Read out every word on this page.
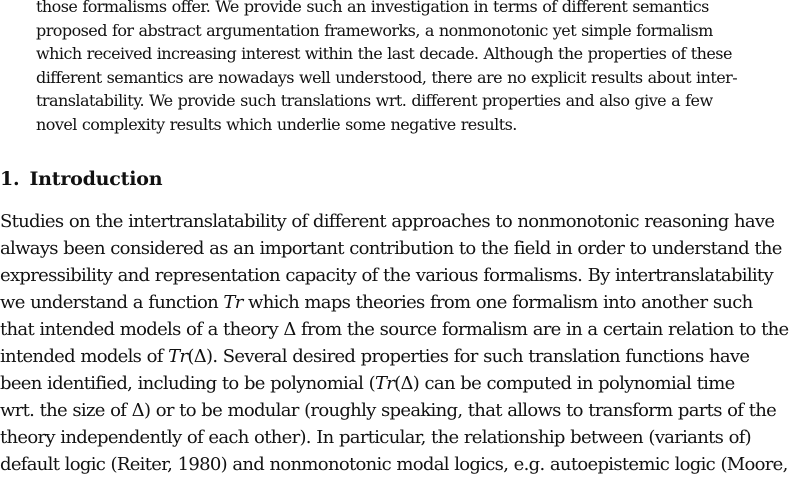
those formalisms offer. We provide such an investigation in terms of different semantics
proposed for abstract argumentation frameworks, a nonmonotonic yet simple formalism
which received increasing interest within the last decade. Although the properties of these
different semantics are nowadays well understood, there are no explicit results about inter-
translatability. We provide such translations wrt. different properties and also give a few
novel complexity results which underlie some negative results.
1. Introduction
Studies on the intertranslatability of different approaches to nonmonotonic reasoning have
always been considered as an important contribution to the field in order to understand the
expressibility and representation capacity of the various formalisms. By intertranslatability
we understand a function Tr which maps theories from one formalism into another such
that intended models of a theory Δ from the source formalism are in a certain relation to the
intended models of Tr(Δ). Several desired properties for such translation functions have
been identified, including to be polynomial (Tr(Δ) can be computed in polynomial time
wrt. the size of Δ) or to be modular (roughly speaking, that allows to transform parts of the
theory independently of each other). In particular, the relationship between (variants of)
default logic (Reiter, 1980) and nonmonotonic modal logics, e.g. autoepistemic logic (Moore,
